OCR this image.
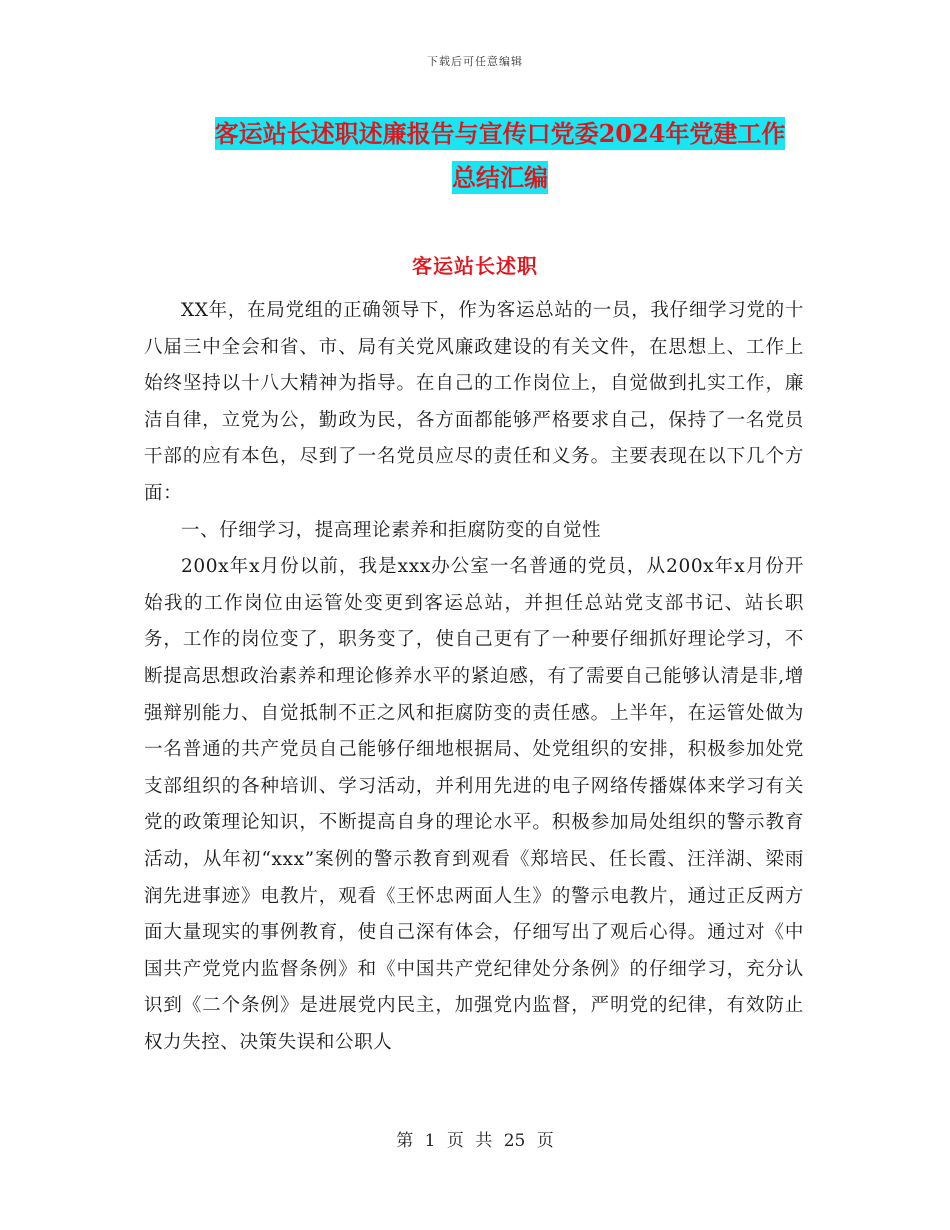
下载后可任意编辑
客运站长述职述廉报告与宣传口党委2024年党建工作
总结汇编
客运站长述职

XX年，在局党组的正确领导下，作为客运总站的一员，我仔细学习党的十八届三中全会和省、市、局有关党风廉政建设的有关文件，在思想上、工作上始终坚持以十八大精神为指导。在自己的工作岗位上，自觉做到扎实工作，廉洁自律，立党为公，勤政为民，各方面都能够严格要求自己，保持了一名党员干部的应有本色，尽到了一名党员应尽的责任和义务。主要表现在以下几个方面：

一、仔细学习，提高理论素养和拒腐防变的自觉性

200x年x月份以前，我是xxx办公室一名普通的党员，从200x年x月份开始我的工作岗位由运管处变更到客运总站，并担任总站党支部书记、站长职务，工作的岗位变了，职务变了，使自己更有了一种要仔细抓好理论学习，不断提高思想政治素养和理论修养水平的紧迫感，有了需要自己能够认清是非,增强辩别能力、自觉抵制不正之风和拒腐防变的责任感。上半年，在运管处做为一名普通的共产党员自己能够仔细地根据局、处党组织的安排，积极参加处党支部组织的各种培训、学习活动，并利用先进的电子网络传播媒体来学习有关党的政策理论知识，不断提高自身的理论水平。积极参加局处组织的警示教育活动，从年初“xxx”案例的警示教育到观看《郑培民、任长霞、汪洋湖、梁雨润先进事迹》电教片，观看《王怀忠两面人生》的警示电教片，通过正反两方面大量现实的事例教育，使自己深有体会，仔细写出了观后心得。通过对《中国共产党党内监督条例》和《中国共产党纪律处分条例》的仔细学习，充分认识到《二个条例》是进展党内民主，加强党内监督，严明党的纪律，有效防止权力失控、决策失误和公职人

第 1 页 共 25 页
